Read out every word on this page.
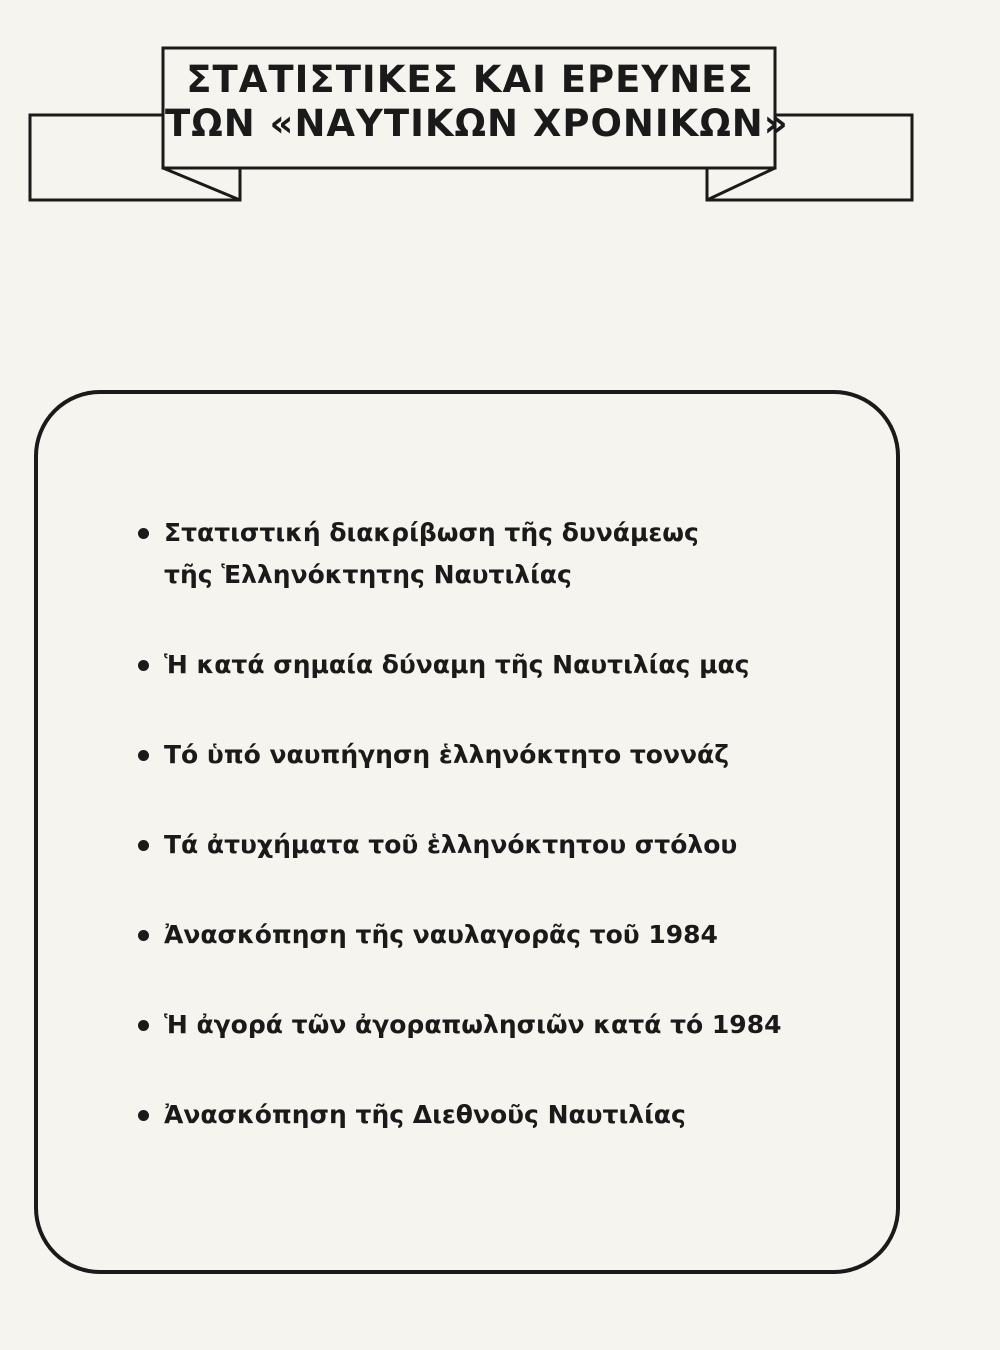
ΣΤΑΤΙΣΤΙΚΕΣ ΚΑΙ ΕΡΕΥΝΕΣ
ΤΩΝ «ΝΑΥΤΙΚΩΝ ΧΡΟΝΙΚΩΝ»
Στατιστική διακρίβωση τῆς δυνάμεως
τῆς Ἑλληνόκτητης Ναυτιλίας
Ἡ κατά σημαία δύναμη τῆς Ναυτιλίας μας
Τό ὑπό ναυπήγηση ἑλληνόκτητο τοννάζ
Τά ἀτυχήματα τοῦ ἑλληνόκτητου στόλου
Ἀνασκόπηση τῆς ναυλαγορᾶς τοῦ 1984
Ἡ ἀγορά τῶν ἀγοραπωλησιῶν κατά τό 1984
Ἀνασκόπηση τῆς Διεθνοῦς Ναυτιλίας
